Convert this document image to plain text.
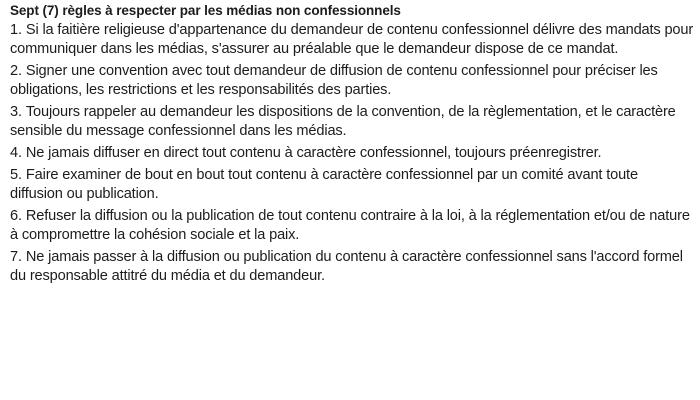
Sept (7) règles à respecter par les médias non confessionnels
1. Si la faitière religieuse d'appartenance du demandeur de contenu confessionnel délivre des mandats pour communiquer dans les médias, s'assurer au préalable que le demandeur dispose de ce mandat.
2. Signer une convention avec tout demandeur de diffusion de contenu confessionnel pour préciser les obligations, les restrictions et les responsabilités des parties.
3. Toujours rappeler au demandeur les dispositions de la convention, de la règlementation, et le caractère sensible du message confessionnel dans les médias.
4. Ne jamais diffuser en direct tout contenu à caractère confessionnel, toujours préenregistrer.
5. Faire examiner de bout en bout tout contenu à caractère confessionnel par un comité avant toute diffusion ou publication.
6. Refuser la diffusion ou la publication de tout contenu contraire à la loi, à la réglementation et/ou de nature à compromettre la cohésion sociale et la paix.
7. Ne jamais passer à la diffusion ou publication du contenu à caractère confessionnel sans l'accord formel du responsable attitré du média et du demandeur.
